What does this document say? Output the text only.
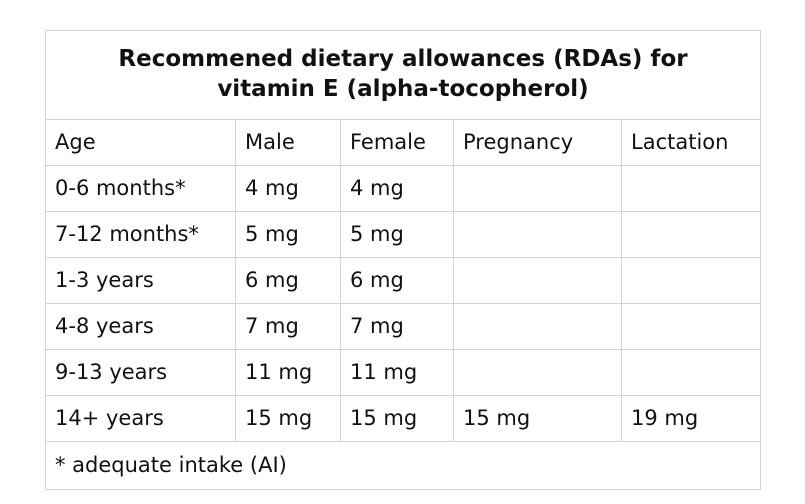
Recommened dietary allowances (RDAs) for
vitamin E (alpha-tocopherol)				
Age	Male	Female	Pregnancy	Lactation
0-6 months*	4 mg	4 mg		
7-12 months*	5 mg	5 mg		
1-3 years	6 mg	6 mg		
4-8 years	7 mg	7 mg		
9-13 years	11 mg	11 mg		
14+ years	15 mg	15 mg	15 mg	19 mg
* adequate intake (AI)				
